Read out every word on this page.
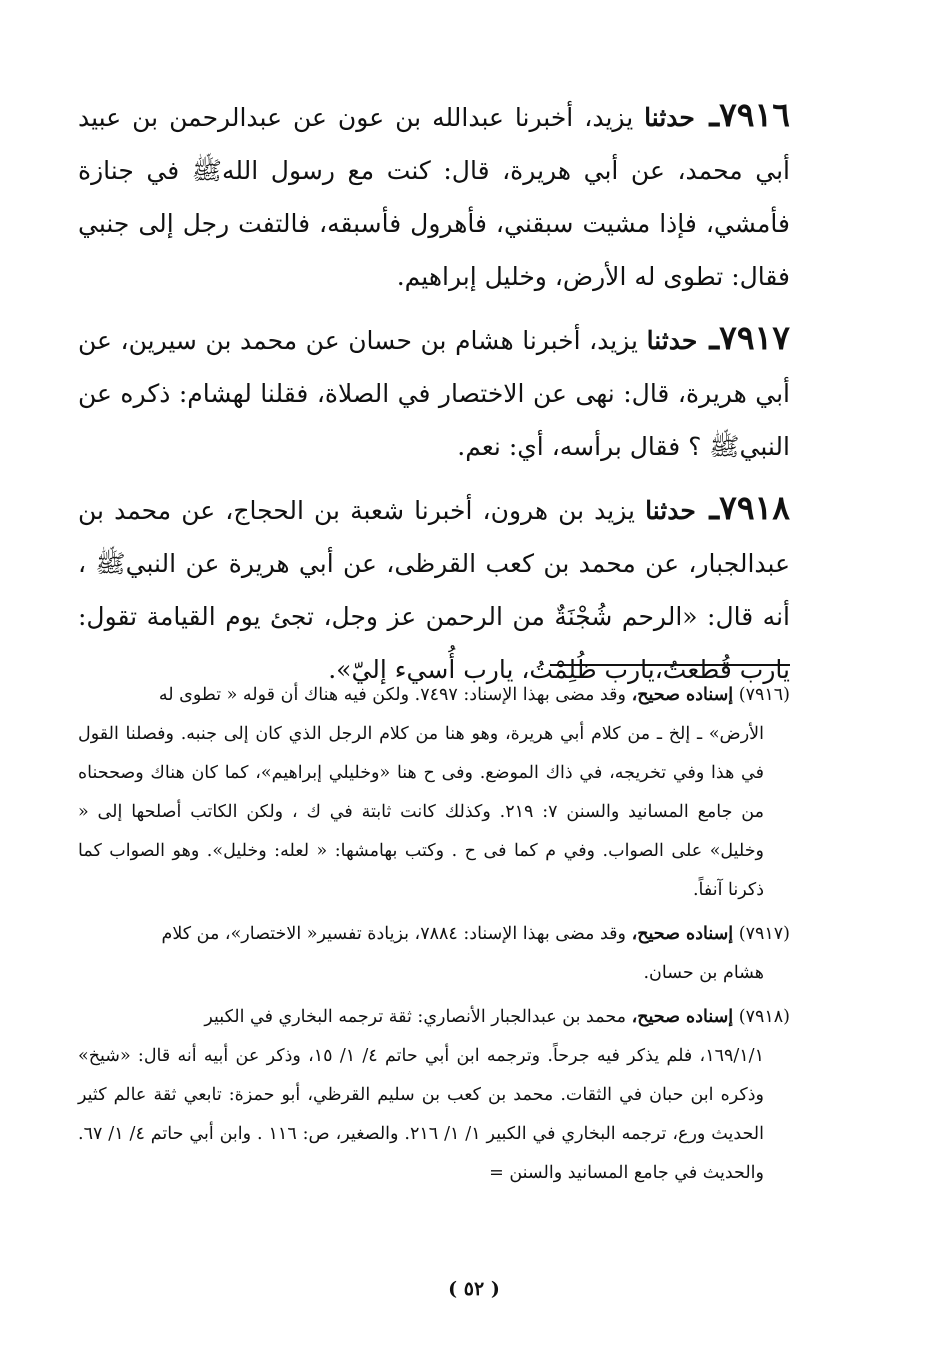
٧٩١٦ـ حدثنا يزيد، أخبرنا عبدالله بن عون عن عبدالرحمن بن عبيد أبي محمد، عن أبي هريرة، قال: كنت مع رسول اللهﷺ في جنازة فأمشي، فإذا مشيت سبقني، فأهرول فأسبقه، فالتفت رجل إلى جنبي فقال: تطوى له الأرض، وخليل إبراهيم.

٧٩١٧ـ حدثنا يزيد، أخبرنا هشام بن حسان عن محمد بن سيرين، عن أبي هريرة، قال: نهى عن الاختصار في الصلاة، فقلنا لهشام: ذكره عن النبيﷺ ؟ فقال برأسه، أي: نعم.

٧٩١٨ـ حدثنا يزيد بن هرون، أخبرنا شعبة بن الحجاج، عن محمد بن عبدالجبار، عن محمد بن كعب القرظى، عن أبي هريرة عن النبيﷺ ، أنه قال: «الرحم شُجْنَةٌ من الرحمن عز وجل، تجئ يوم القيامة تقول: يارب قُطعتُ،يارب ظُلِمْتُ، يارب أُسيء إليّ».

(٧٩١٦) إسناده صحيح، وقد مضى بهذا الإسناد: ٧٤٩٧. ولكن فيه هناك أن قوله « تطوى له
الأرض» ـ إلخ ـ من كلام أبي هريرة، وهو هنا من كلام الرجل الذي كان إلى جنبه. وفصلنا القول في هذا وفي تخريجه، في ذاك الموضع. وفى ح هنا «وخليلي إبراهيم»، كما كان هناك وصححناه من جامع المسانيد والسنن ٧: ٢١٩. وكذلك كانت ثابتة في ك ، ولكن الكاتب أصلحها إلى « وخليل» على الصواب. وفي م كما فى ح . وكتب بهامشها: « لعله: وخليل». وهو الصواب كما ذكرنا آنفاً.

(٧٩١٧) إسناده صحيح، وقد مضى بهذا الإسناد: ٧٨٨٤، بزيادة تفسير« الاختصار»، من كلام
هشام بن حسان.

(٧٩١٨) إسناده صحيح، محمد بن عبدالجبار الأنصاري: ثقة ترجمه البخاري في الكبير
١٦٩/١/١، فلم يذكر فيه جرحاً. وترجمه ابن أبي حاتم ٤/ ١/ ١٥، وذكر عن أبيه أنه قال: «شيخ» وذكره ابن حبان في الثقات. محمد بن كعب بن سليم القرظي، أبو حمزة: تابعي ثقة عالم كثير الحديث ورع، ترجمه البخاري في الكبير ١/ ١/ ٢١٦. والصغير، ص: ١١٦ . وابن أبي حاتم ٤/ ١/ ٦٧. والحديث في جامع المسانيد والسنن =

( ٥٢ )
